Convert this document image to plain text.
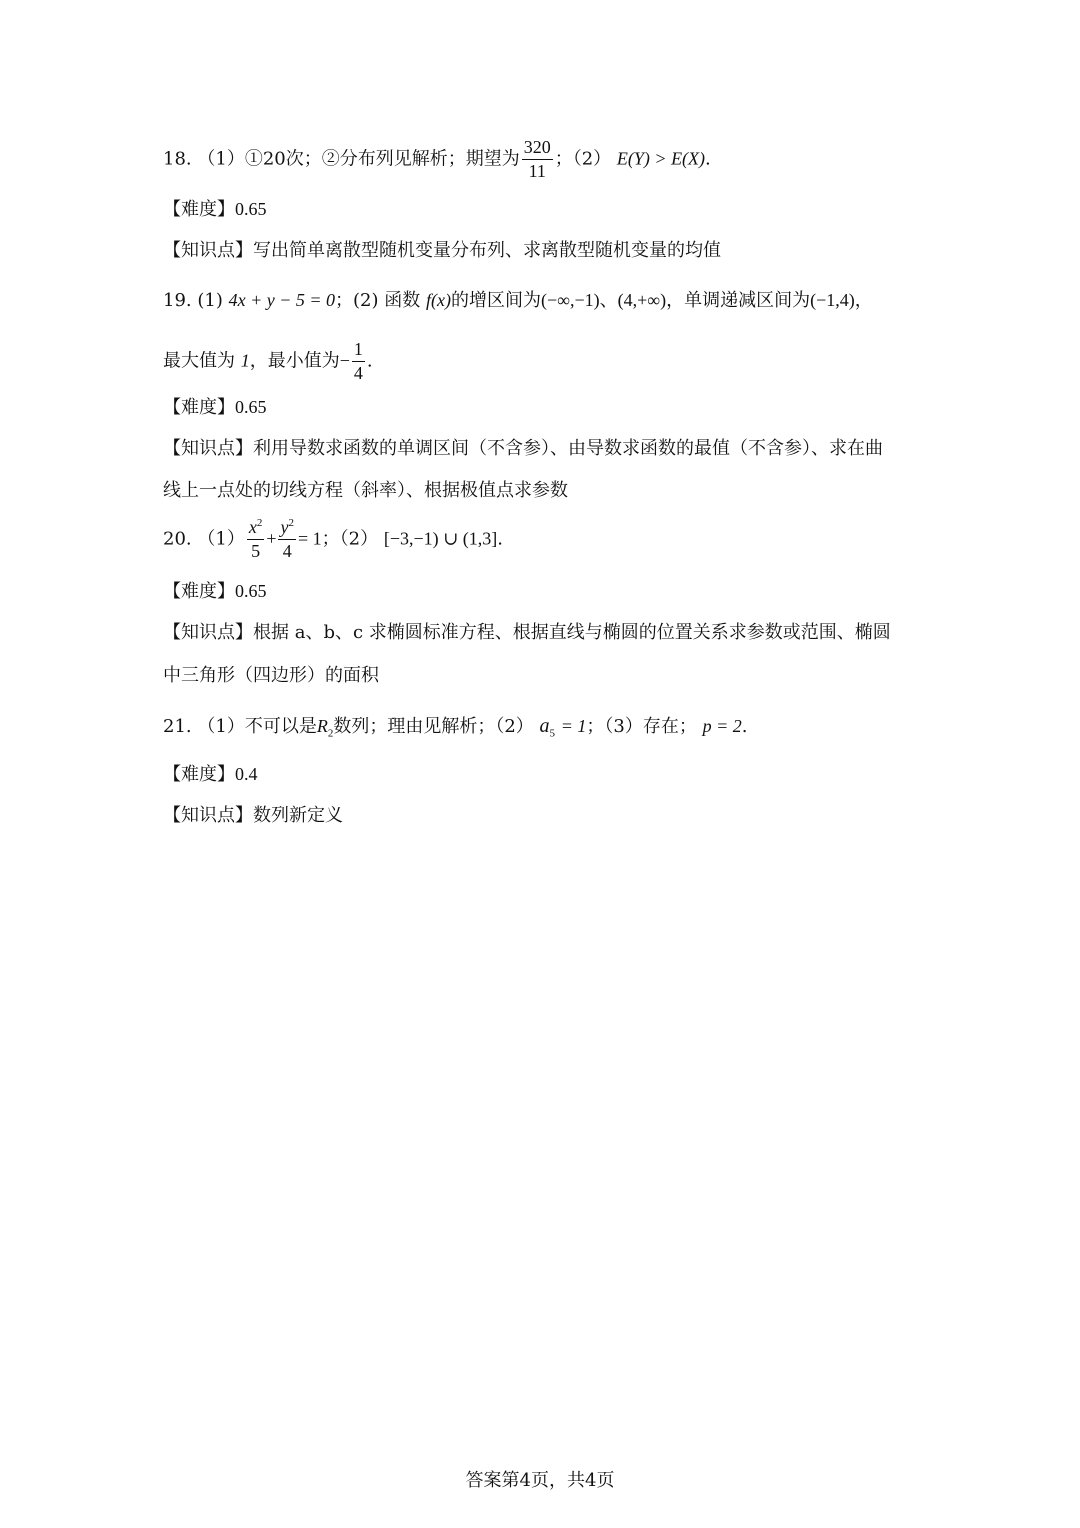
18. （1）①20次；②分布列见解析；期望为 $\frac{320}{11}$ ；（2） E(Y) > E(X).
【难度】0.65
【知识点】写出简单离散型随机变量分布列、求离散型随机变量的均值
19. (1) 4x + y − 5 = 0；(2) 函数 f(x)的增区间为(−∞,−1)、(4,+∞)，单调递减区间为(−1,4)，
最大值为 1，最小值为− $\frac{1}{4}$ .
【难度】0.65
【知识点】利用导数求函数的单调区间（不含参）、由导数求函数的最值（不含参）、求在曲
线上一点处的切线方程（斜率）、根据极值点求参数
20. $(1) \frac{x^2}{5} + \frac{y^2}{4} = 1$；（2） [−3,−1) ∪ (1,3].
【难度】0.65
【知识点】根据 a、b、c 求椭圆标准方程、根据直线与椭圆的位置关系求参数或范围、椭圆
中三角形（四边形）的面积
21. （1）不可以是$R_2$数列；理由见解析；（2） $a_5 = 1$；（3）存在； p = 2.
【难度】0.4
【知识点】数列新定义
答案第4页，共4页
